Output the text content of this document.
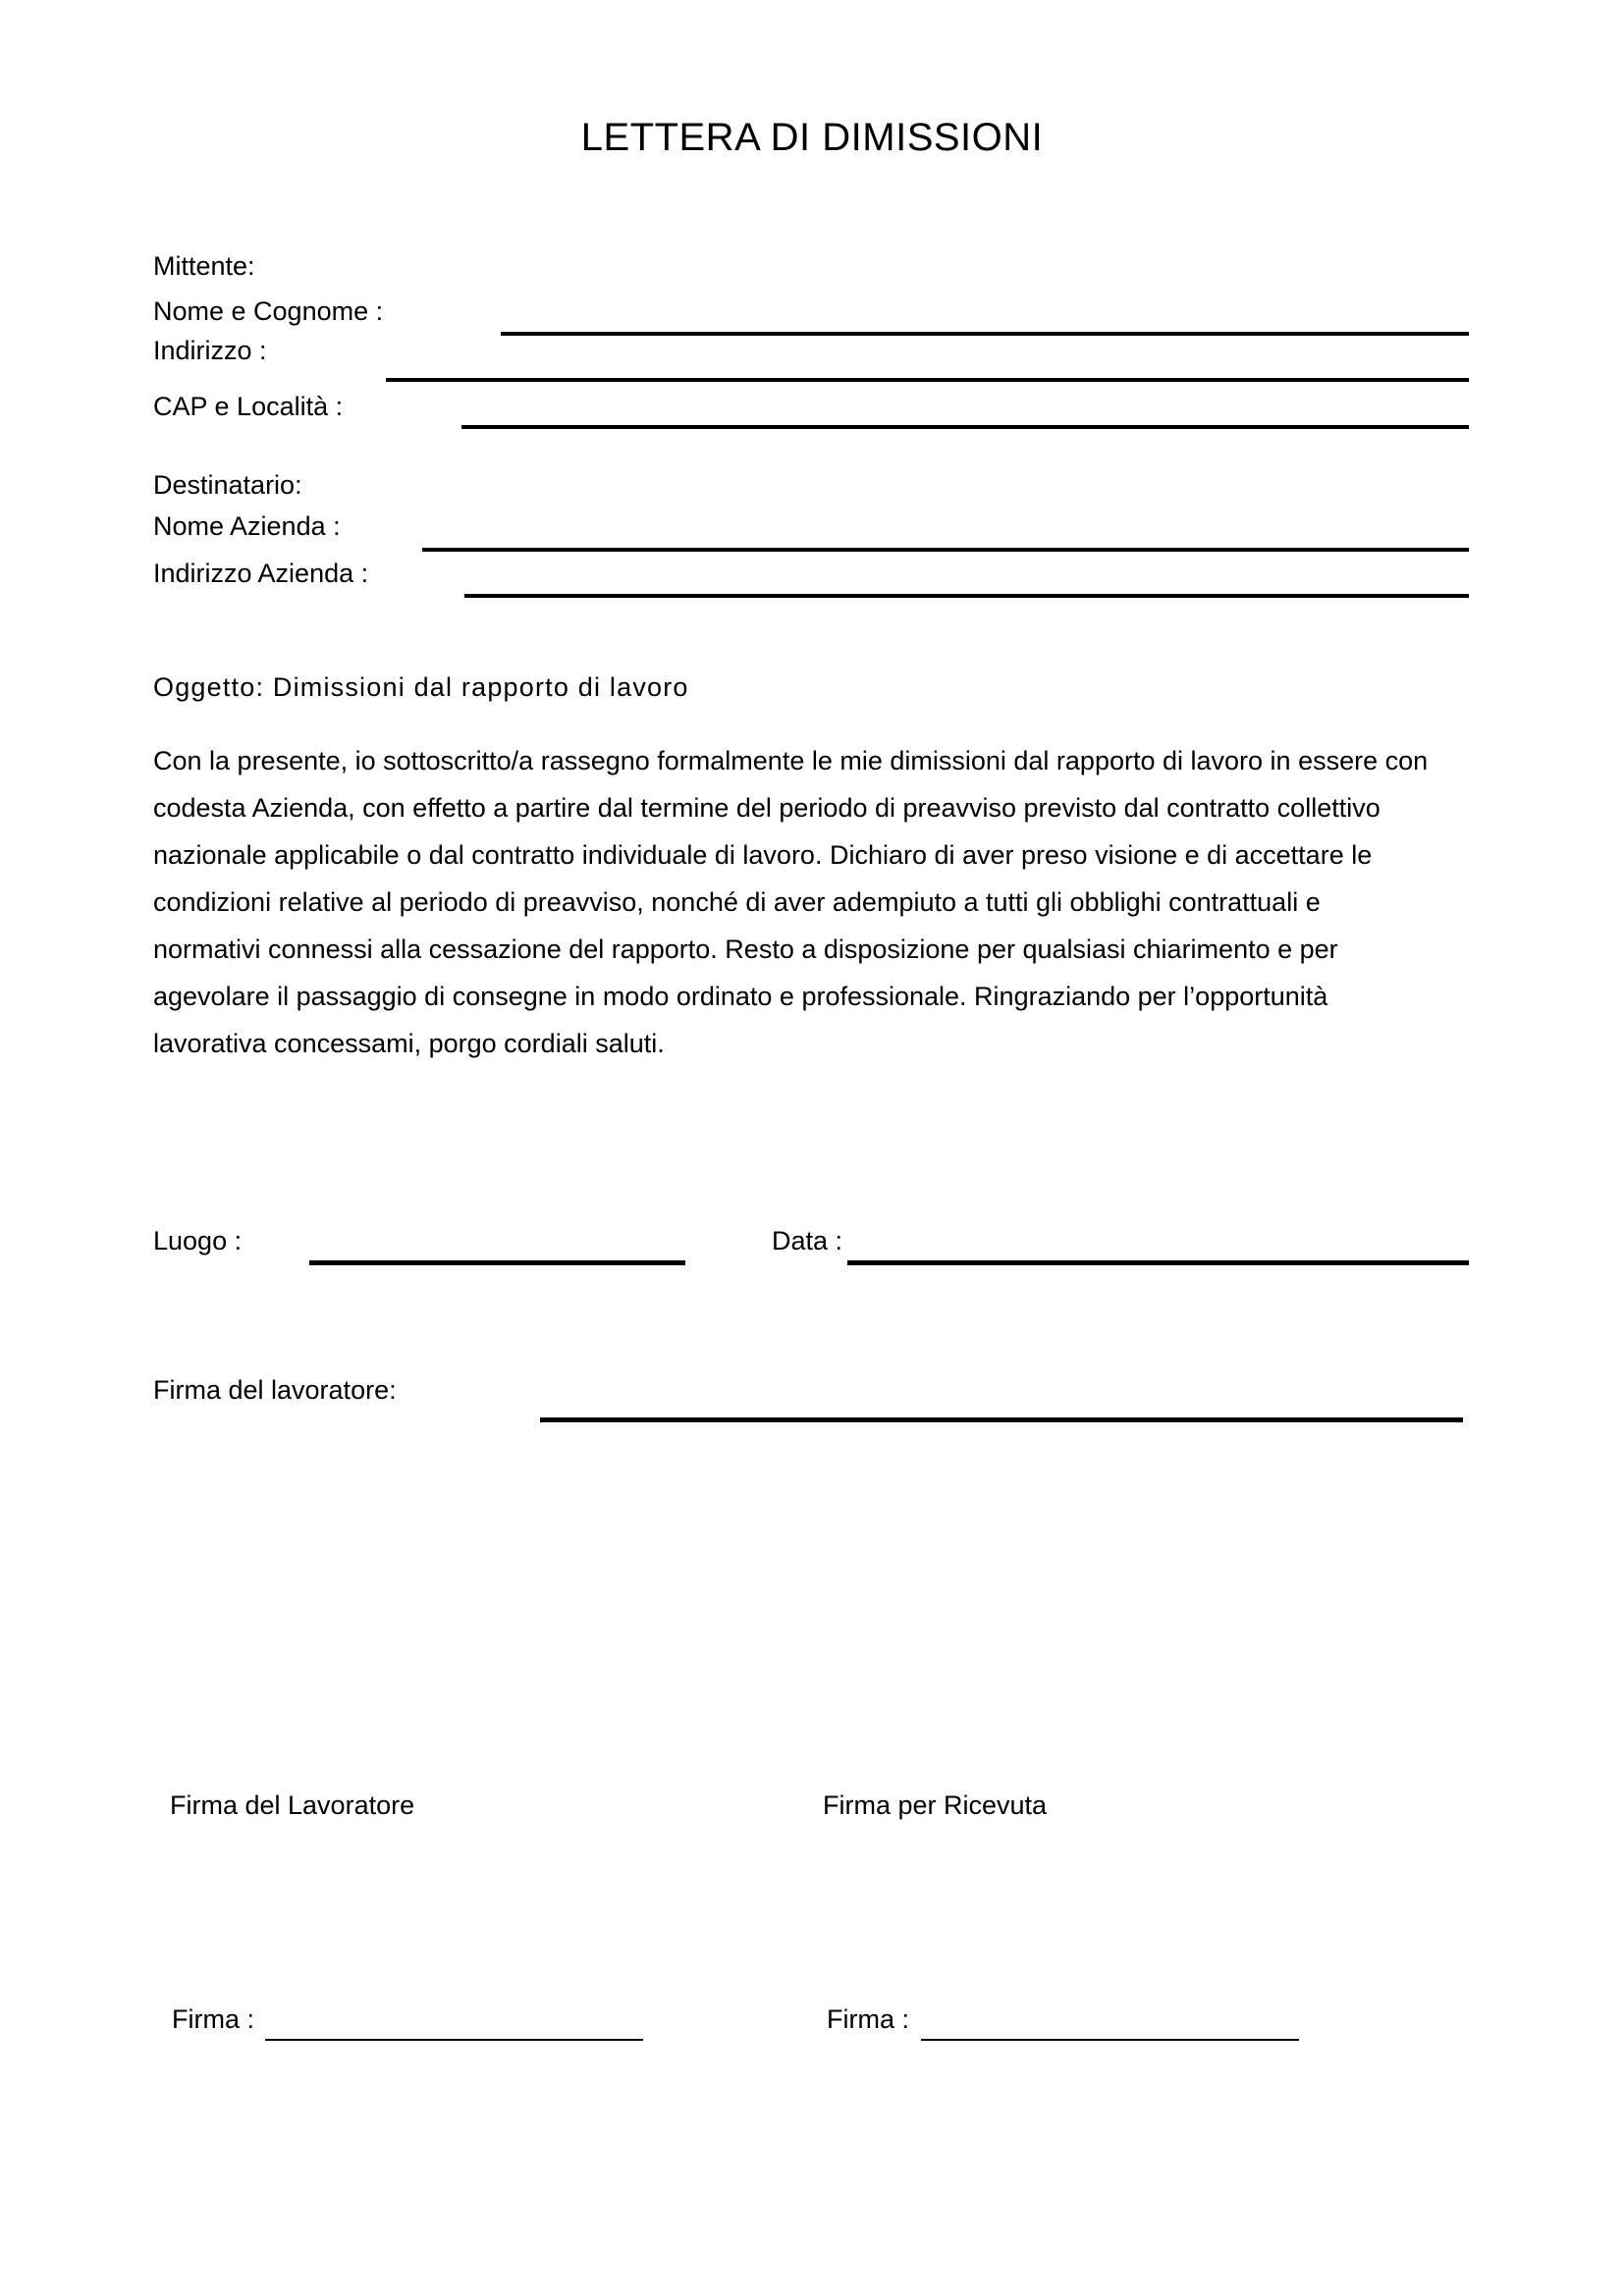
LETTERA DI DIMISSIONI
Mittente:
Nome e Cognome :
Indirizzo :
CAP e Località :
Destinatario:
Nome Azienda :
Indirizzo Azienda :
Oggetto: Dimissioni dal rapporto di lavoro
Con la presente, io sottoscritto/a rassegno formalmente le mie dimissioni dal rapporto di lavoro in essere con
codesta Azienda, con effetto a partire dal termine del periodo di preavviso previsto dal contratto collettivo
nazionale applicabile o dal contratto individuale di lavoro. Dichiaro di aver preso visione e di accettare le
condizioni relative al periodo di preavviso, nonché di aver adempiuto a tutti gli obblighi contrattuali e
normativi connessi alla cessazione del rapporto. Resto a disposizione per qualsiasi chiarimento e per
agevolare il passaggio di consegne in modo ordinato e professionale. Ringraziando per l’opportunità
lavorativa concessami, porgo cordiali saluti.
Luogo :	Data :
Firma del lavoratore:
Firma del Lavoratore	Firma per Ricevuta
Firma :	Firma :
